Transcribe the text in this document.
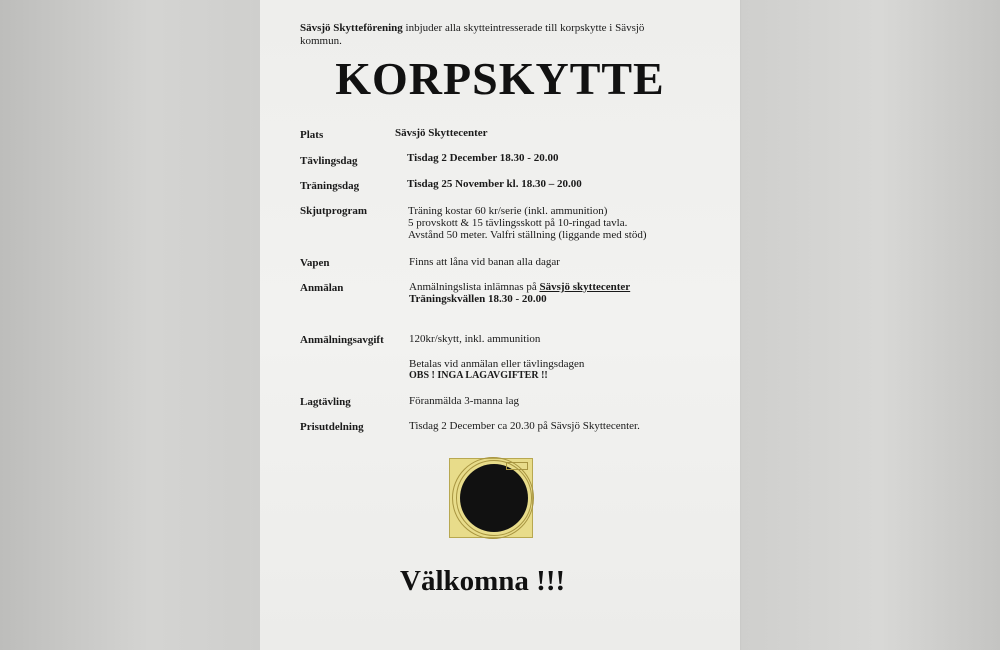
Sävsjö Skytteförening inbjuder alla skytteintresserade till korpskytte i Sävsjö
kommun.
KORPSKYTTE
Plats	Sävsjö Skyttecenter
Tävlingsdag	Tisdag 2 December 18.30 - 20.00
Träningsdag	Tisdag 25 November kl. 18.30 – 20.00
Skjutprogram	Träning kostar 60 kr/serie (inkl. ammunition)
5 provskott & 15 tävlingsskott på 10-ringad tavla.
Avstånd 50 meter. Valfri ställning (liggande med stöd)
Vapen	Finns att låna vid banan alla dagar
Anmälan	Anmälningslista inlämnas på Sävsjö skyttecenter
Träningskvällen 18.30 - 20.00
Anmälningsavgift 120kr/skytt, inkl. ammunition
Betalas vid anmälan eller tävlingsdagen
OBS ! INGA LAGAVGIFTER !!
Lagtävling	Föranmälda 3-manna lag
Prisutdelning	Tisdag 2 December ca 20.30 på Sävsjö Skyttecenter.
Välkomna !!!
